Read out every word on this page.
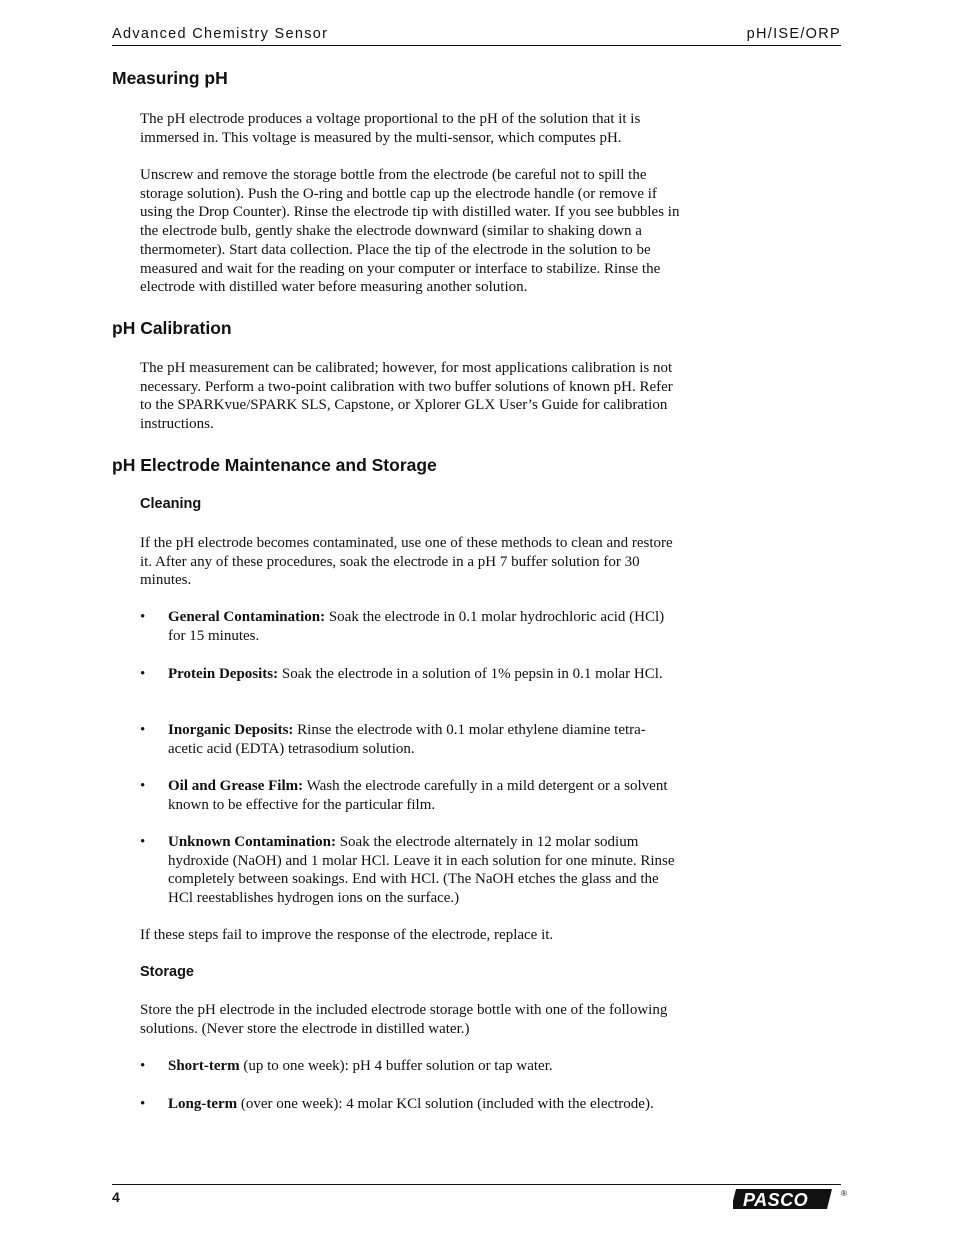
Advanced Chemistry Sensor	pH/ISE/ORP
Measuring pH

The pH electrode produces a voltage proportional to the pH of the solution that it is immersed in. This voltage is measured by the multi-sensor, which computes pH.

Unscrew and remove the storage bottle from the electrode (be careful not to spill the storage solution). Push the O-ring and bottle cap up the electrode handle (or remove if using the Drop Counter). Rinse the electrode tip with distilled water. If you see bubbles in the electrode bulb, gently shake the electrode downward (similar to shaking down a thermometer). Start data collection. Place the tip of the electrode in the solution to be measured and wait for the reading on your computer or interface to stabilize. Rinse the electrode with distilled water before measuring another solution.

pH Calibration

The pH measurement can be calibrated; however, for most applications calibration is not necessary. Perform a two-point calibration with two buffer solutions of known pH. Refer to the SPARKvue/SPARK SLS, Capstone, or Xplorer GLX User’s Guide for calibration instructions.

pH Electrode Maintenance and Storage
Cleaning

If the pH electrode becomes contaminated, use one of these methods to clean and restore it. After any of these procedures, soak the electrode in a pH 7 buffer solution for 30 minutes.

• General Contamination: Soak the electrode in 0.1 molar hydrochloric acid (HCl) for 15 minutes.
• Protein Deposits: Soak the electrode in a solution of 1% pepsin in 0.1 molar HCl.
• Inorganic Deposits: Rinse the electrode with 0.1 molar ethylene diamine tetra-acetic acid (EDTA) tetrasodium solution.
• Oil and Grease Film: Wash the electrode carefully in a mild detergent or a solvent known to be effective for the particular film.
• Unknown Contamination: Soak the electrode alternately in 12 molar sodium hydroxide (NaOH) and 1 molar HCl. Leave it in each solution for one minute. Rinse completely between soakings. End with HCl. (The NaOH etches the glass and the HCl reestablishes hydrogen ions on the surface.)

If these steps fail to improve the response of the electrode, replace it.

Storage

Store the pH electrode in the included electrode storage bottle with one of the following solutions. (Never store the electrode in distilled water.)

• Short-term (up to one week): pH 4 buffer solution or tap water.
• Long-term (over one week): 4 molar KCl solution (included with the electrode).
4	PASCO	®
